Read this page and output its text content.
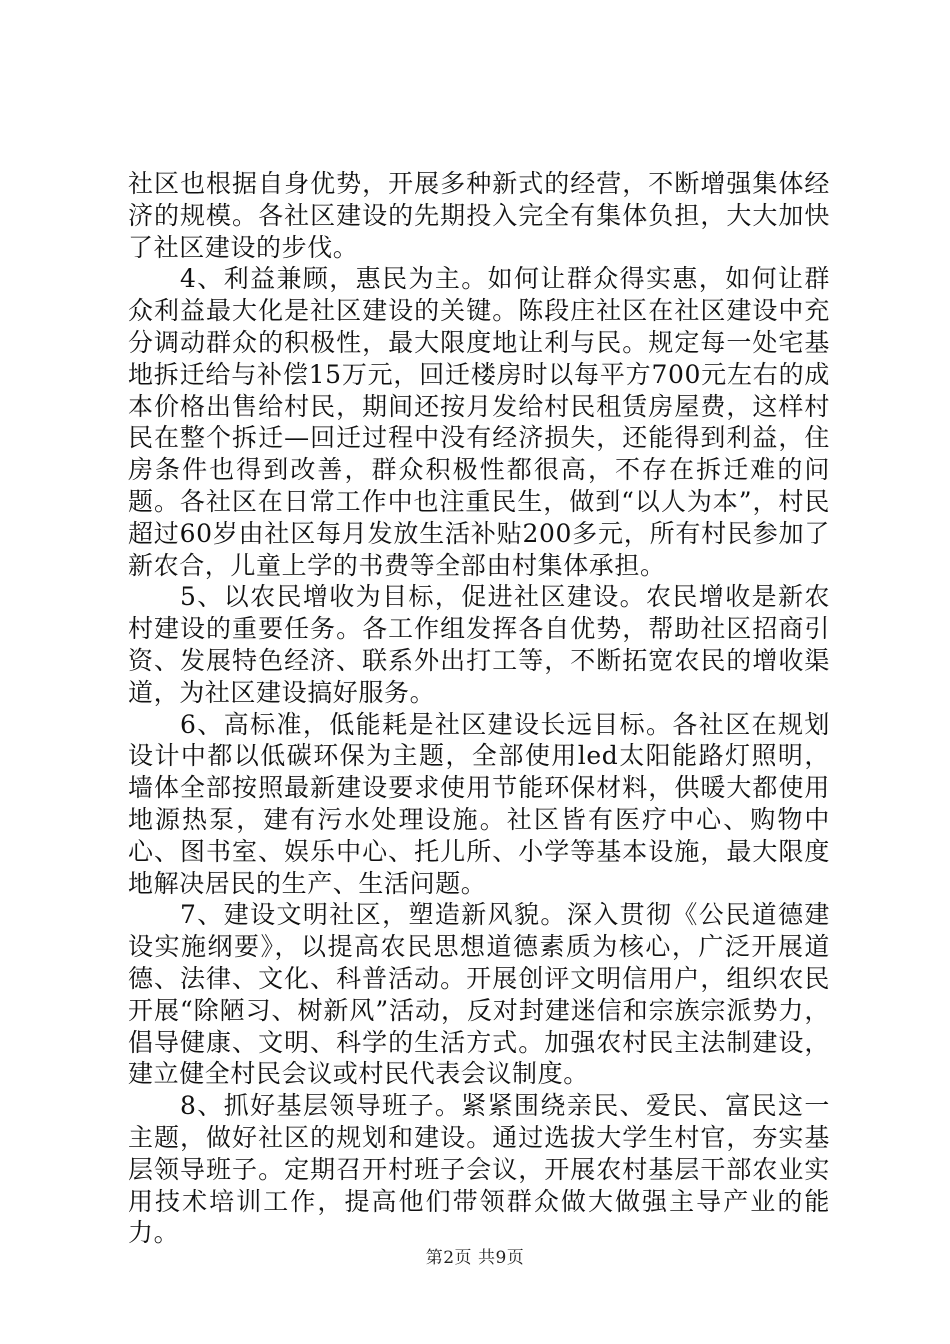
社区也根据自身优势，开展多种新式的经营，不断增强集体经济的规模。各社区建设的先期投入完全有集体负担，大大加快了社区建设的步伐。

4、利益兼顾，惠民为主。如何让群众得实惠，如何让群众利益最大化是社区建设的关键。陈段庄社区在社区建设中充分调动群众的积极性，最大限度地让利与民。规定每一处宅基地拆迁给与补偿15万元，回迁楼房时以每平方700元左右的成本价格出售给村民，期间还按月发给村民租赁房屋费，这样村民在整个拆迁—回迁过程中没有经济损失，还能得到利益，住房条件也得到改善，群众积极性都很高，不存在拆迁难的问题。各社区在日常工作中也注重民生，做到“以人为本”，村民超过60岁由社区每月发放生活补贴200多元，所有村民参加了新农合，儿童上学的书费等全部由村集体承担。

5、以农民增收为目标，促进社区建设。农民增收是新农村建设的重要任务。各工作组发挥各自优势，帮助社区招商引资、发展特色经济、联系外出打工等，不断拓宽农民的增收渠道，为社区建设搞好服务。

6、高标准，低能耗是社区建设长远目标。各社区在规划设计中都以低碳环保为主题，全部使用led太阳能路灯照明，墙体全部按照最新建设要求使用节能环保材料，供暖大都使用地源热泵，建有污水处理设施。社区皆有医疗中心、购物中心、图书室、娱乐中心、托儿所、小学等基本设施，最大限度地解决居民的生产、生活问题。

7、建设文明社区，塑造新风貌。深入贯彻《公民道德建设实施纲要》，以提高农民思想道德素质为核心，广泛开展道德、法律、文化、科普活动。开展创评文明信用户，组织农民开展“除陋习、树新风”活动，反对封建迷信和宗族宗派势力，倡导健康、文明、科学的生活方式。加强农村民主法制建设，建立健全村民会议或村民代表会议制度。

8、抓好基层领导班子。紧紧围绕亲民、爱民、富民这一主题，做好社区的规划和建设。通过选拔大学生村官，夯实基层领导班子。定期召开村班子会议，开展农村基层干部农业实用技术培训工作，提高他们带领群众做大做强主导产业的能力。

第2页 共9页
